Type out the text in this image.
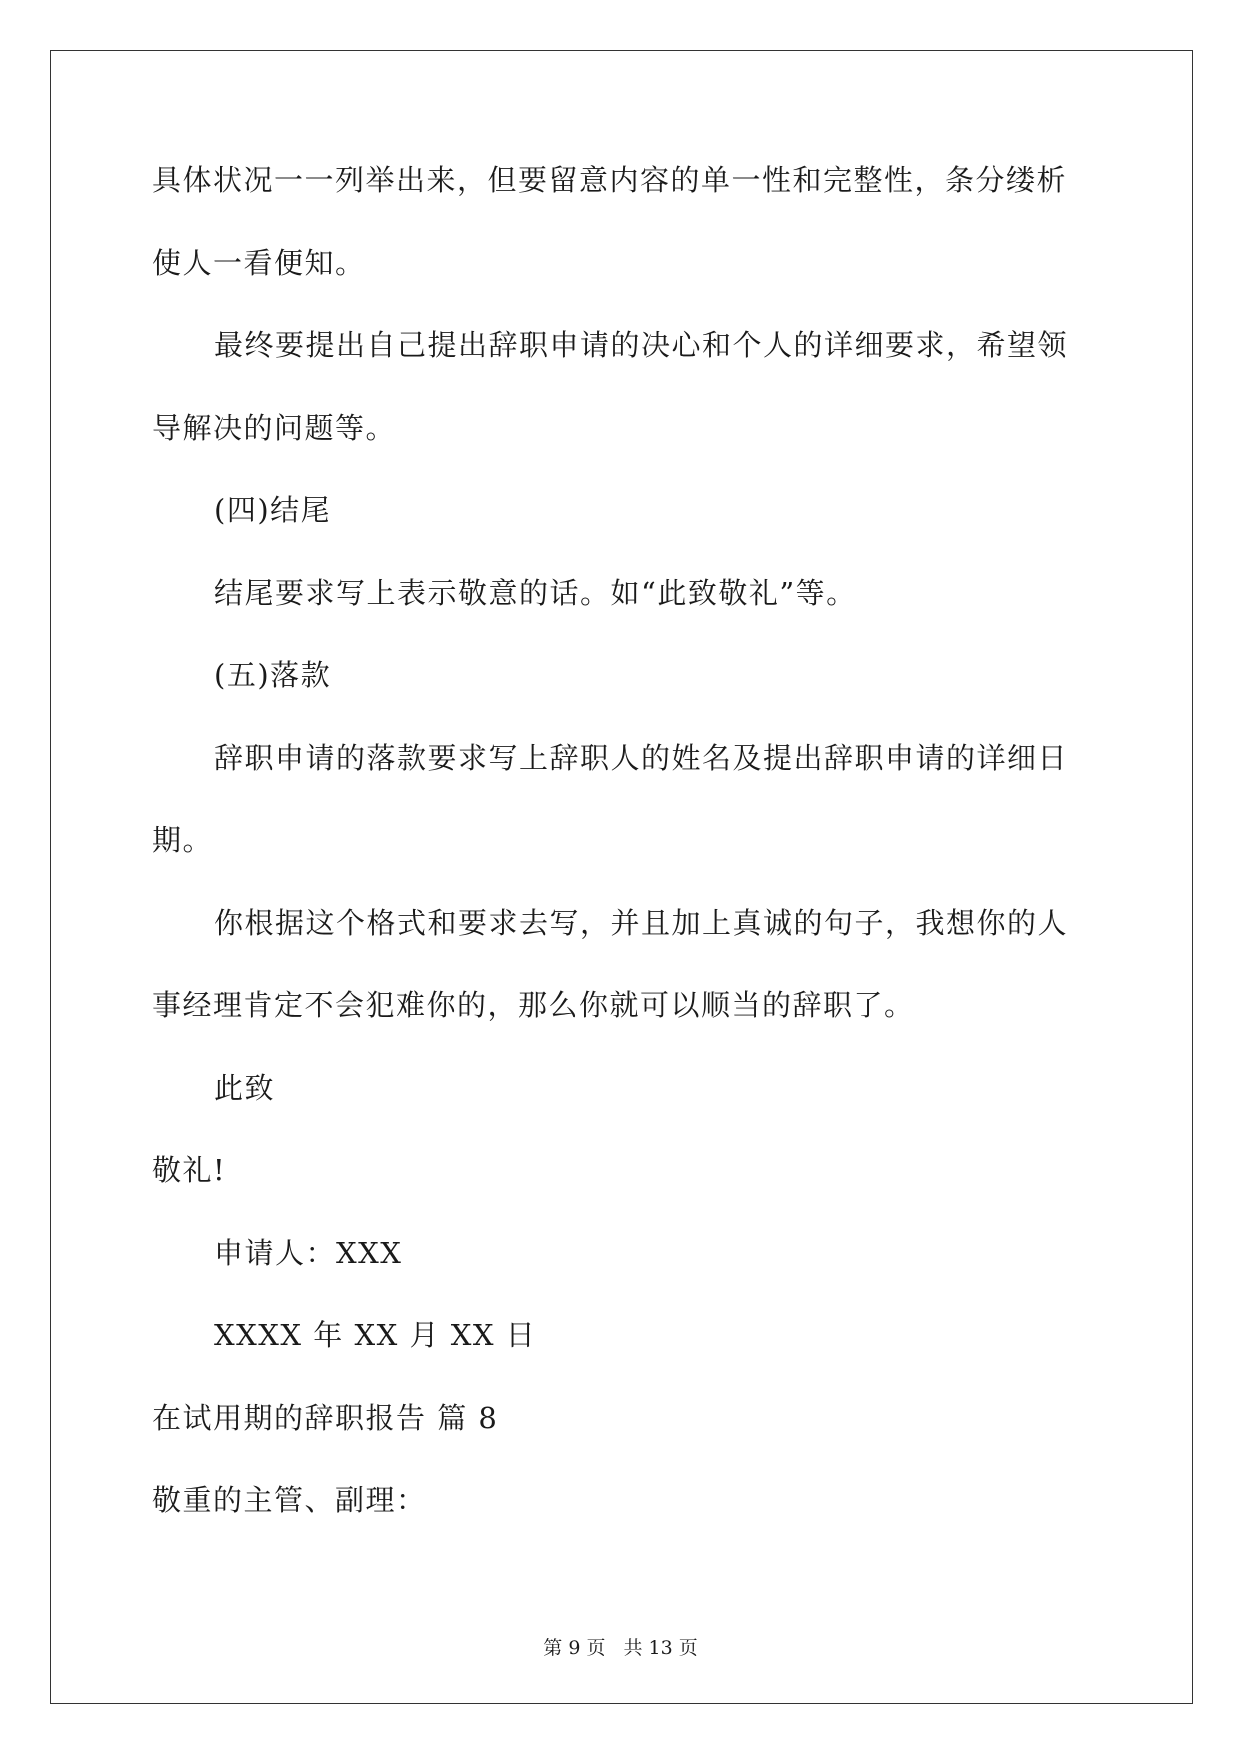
具体状况一一列举出来，但要留意内容的单一性和完整性，条分缕析
使人一看便知。
最终要提出自己提出辞职申请的决心和个人的详细要求，希望领
导解决的问题等。
(四)结尾
结尾要求写上表示敬意的话。如“此致敬礼”等。
(五)落款
辞职申请的落款要求写上辞职人的姓名及提出辞职申请的详细日
期。
你根据这个格式和要求去写，并且加上真诚的句子，我想你的人
事经理肯定不会犯难你的，那么你就可以顺当的辞职了。
此致
敬礼!
申请人：XXX
XXXX 年 XX 月 XX 日
在试用期的辞职报告 篇 8
敬重的主管、副理：
第 9 页 共 13 页
